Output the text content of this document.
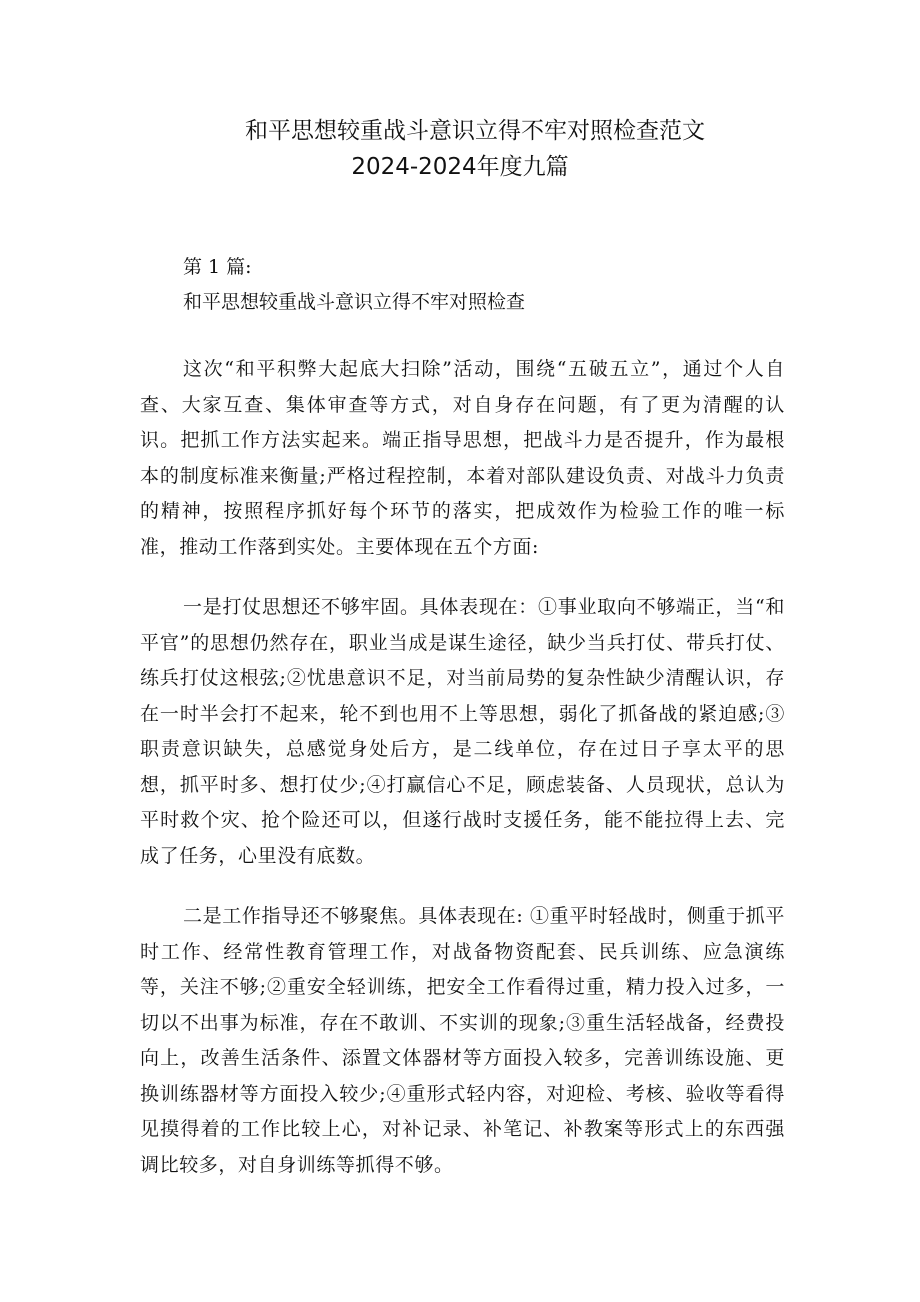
和平思想较重战斗意识立得不牢对照检查范文
2024-2024年度九篇

第 1 篇:

和平思想较重战斗意识立得不牢对照检查

这次“和平积弊大起底大扫除”活动，围绕“五破五立”，通过个人自查、大家互查、集体审查等方式，对自身存在问题，有了更为清醒的认识。把抓工作方法实起来。端正指导思想，把战斗力是否提升，作为最根本的制度标准来衡量;严格过程控制，本着对部队建设负责、对战斗力负责的精神，按照程序抓好每个环节的落实，把成效作为检验工作的唯一标准，推动工作落到实处。主要体现在五个方面:

一是打仗思想还不够牢固。具体表现在：①事业取向不够端正，当“和平官”的思想仍然存在，职业当成是谋生途径，缺少当兵打仗、带兵打仗、练兵打仗这根弦;②忧患意识不足，对当前局势的复杂性缺少清醒认识，存在一时半会打不起来，轮不到也用不上等思想，弱化了抓备战的紧迫感;③职责意识缺失，总感觉身处后方，是二线单位，存在过日子享太平的思想，抓平时多、想打仗少;④打赢信心不足，顾虑装备、人员现状，总认为平时救个灾、抢个险还可以，但遂行战时支援任务，能不能拉得上去、完成了任务，心里没有底数。

二是工作指导还不够聚焦。具体表现在: ①重平时轻战时，侧重于抓平时工作、经常性教育管理工作，对战备物资配套、民兵训练、应急演练等，关注不够;②重安全轻训练，把安全工作看得过重，精力投入过多，一切以不出事为标准，存在不敢训、不实训的现象;③重生活轻战备，经费投向上，改善生活条件、添置文体器材等方面投入较多，完善训练设施、更换训练器材等方面投入较少;④重形式轻内容，对迎检、考核、验收等看得见摸得着的工作比较上心，对补记录、补笔记、补教案等形式上的东西强调比较多，对自身训练等抓得不够。
